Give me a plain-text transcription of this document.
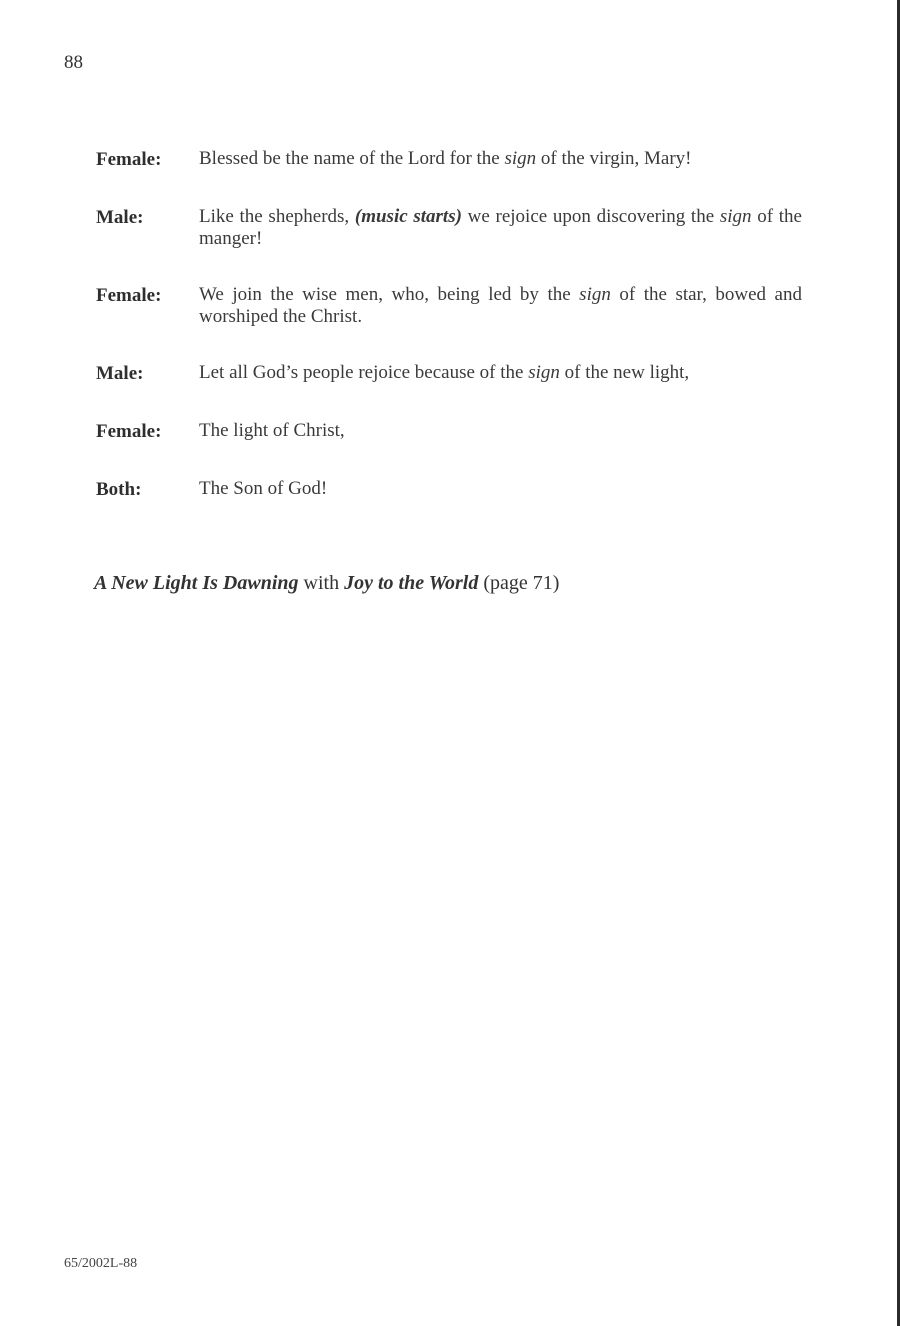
88
Female:	Blessed be the name of the Lord for the sign of the virgin, Mary!
Male:	Like the shepherds, (music starts) we rejoice upon discovering the sign of the manger!
Female:	We join the wise men, who, being led by the sign of the star, bowed and worshiped the Christ.
Male:	Let all God’s people rejoice because of the sign of the new light,
Female:	The light of Christ,
Both:	The Son of God!
A New Light Is Dawning with Joy to the World (page 71)
65/2002L-88
